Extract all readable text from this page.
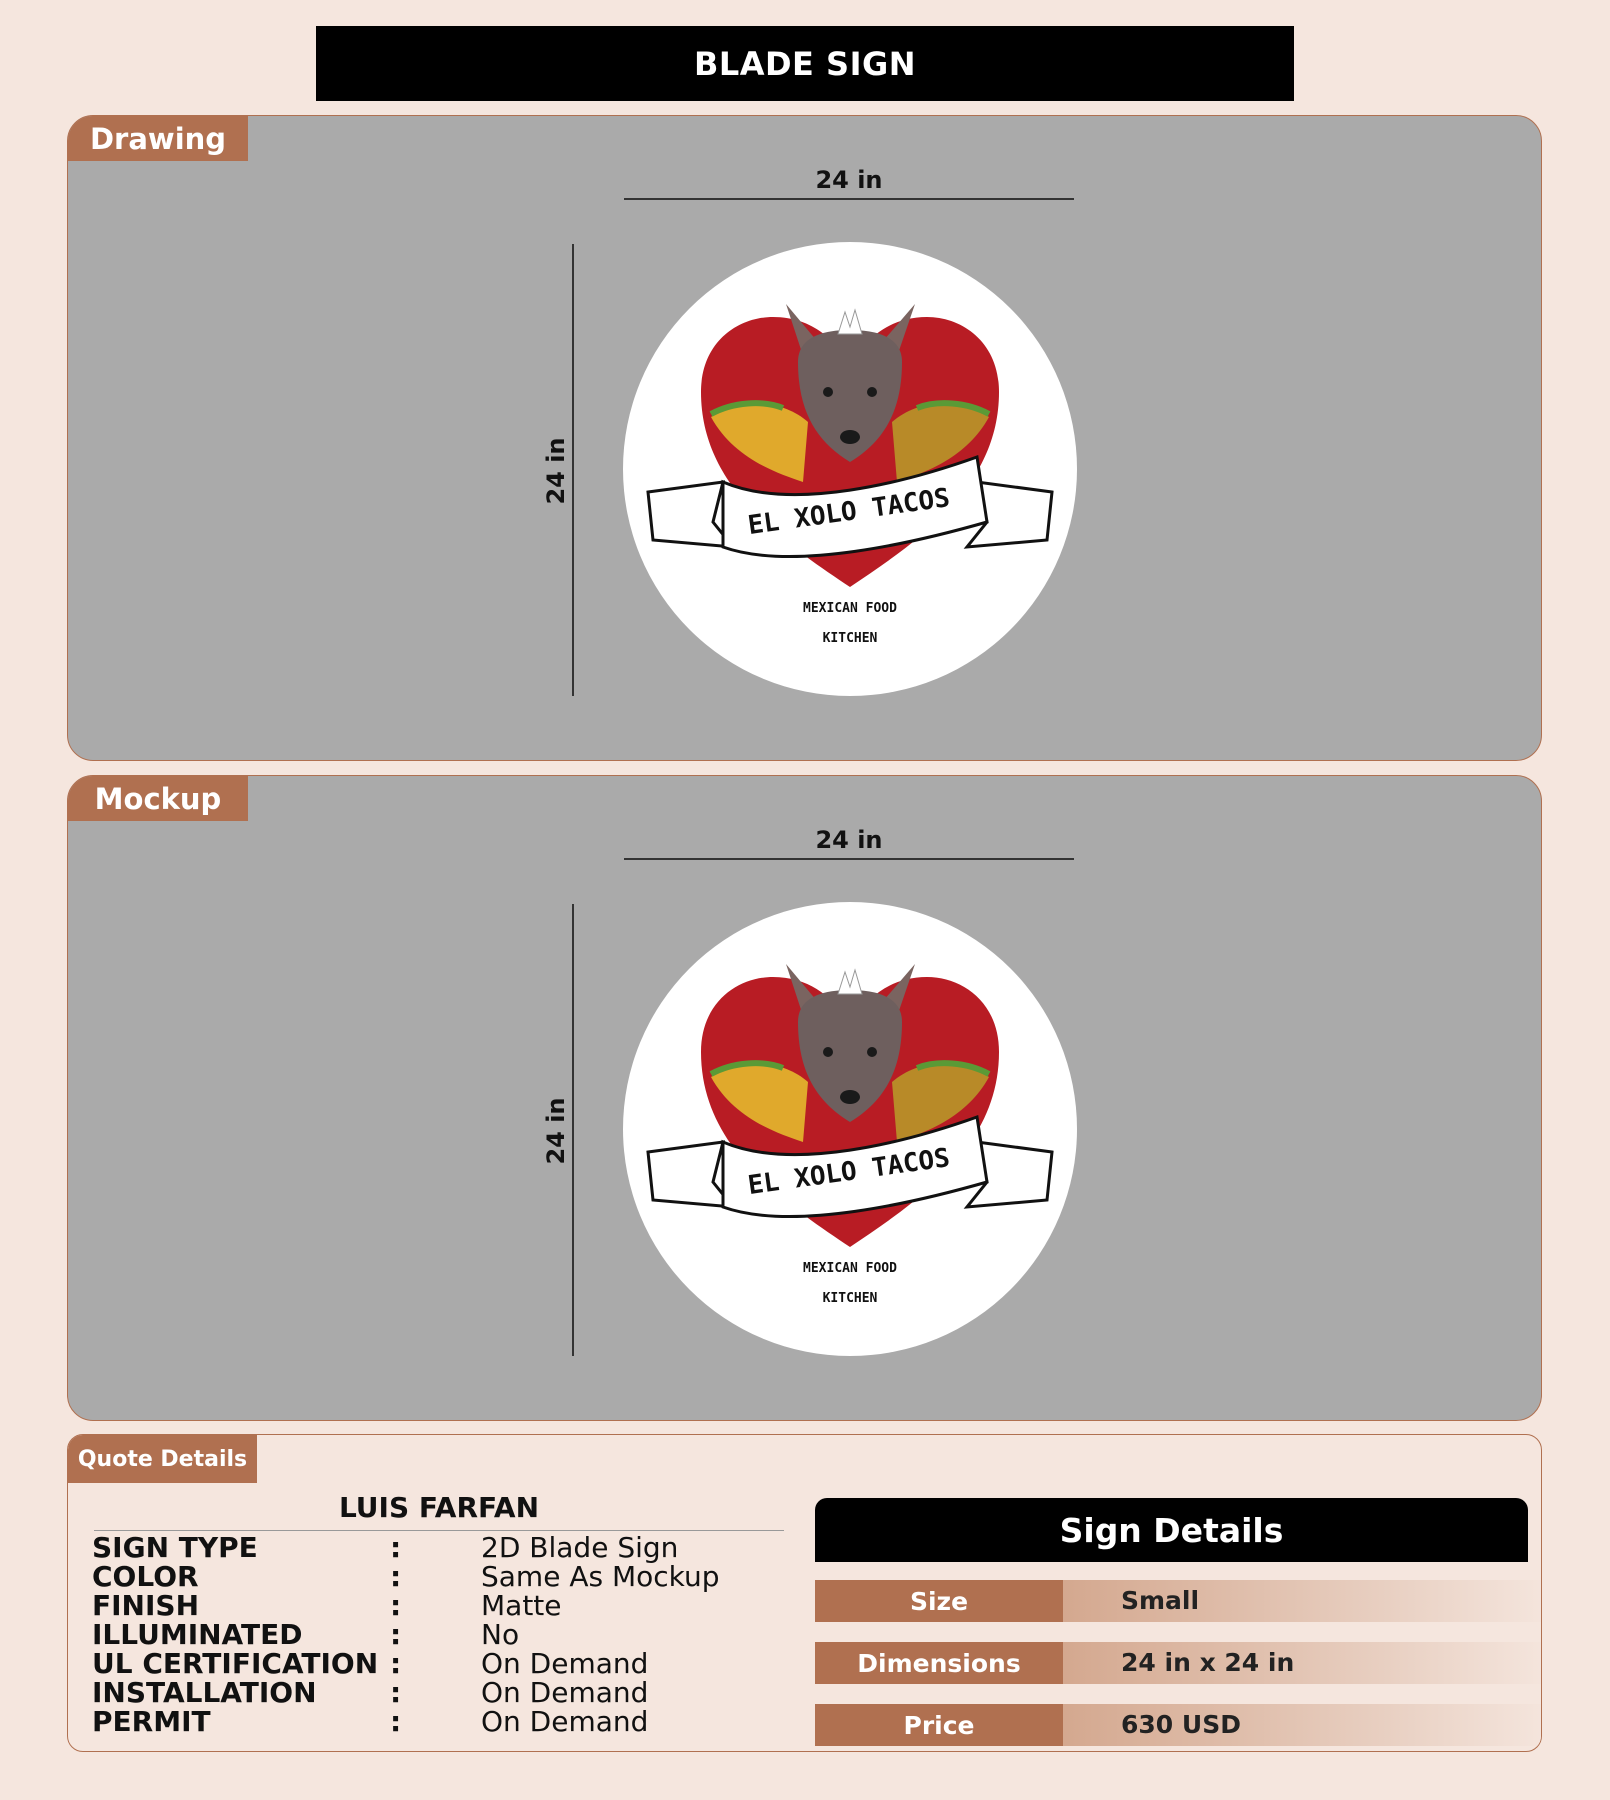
BLADE SIGN
Drawing
24 in
24 in
EL XOLO TACOS
MEXICAN FOOD
KITCHEN
Mockup
24 in
24 in
EL XOLO TACOS
MEXICAN FOOD
KITCHEN
Quote Details
LUIS FARFAN
SIGN TYPE	:	2D Blade Sign
COLOR	:	Same As Mockup
FINISH	:	Matte
ILLUMINATED	:	No
UL CERTIFICATION :	On Demand
INSTALLATION	:	On Demand
PERMIT	:	On Demand
Sign Details
Size	Small
Dimensions	24 in x 24 in
Price	630 USD
